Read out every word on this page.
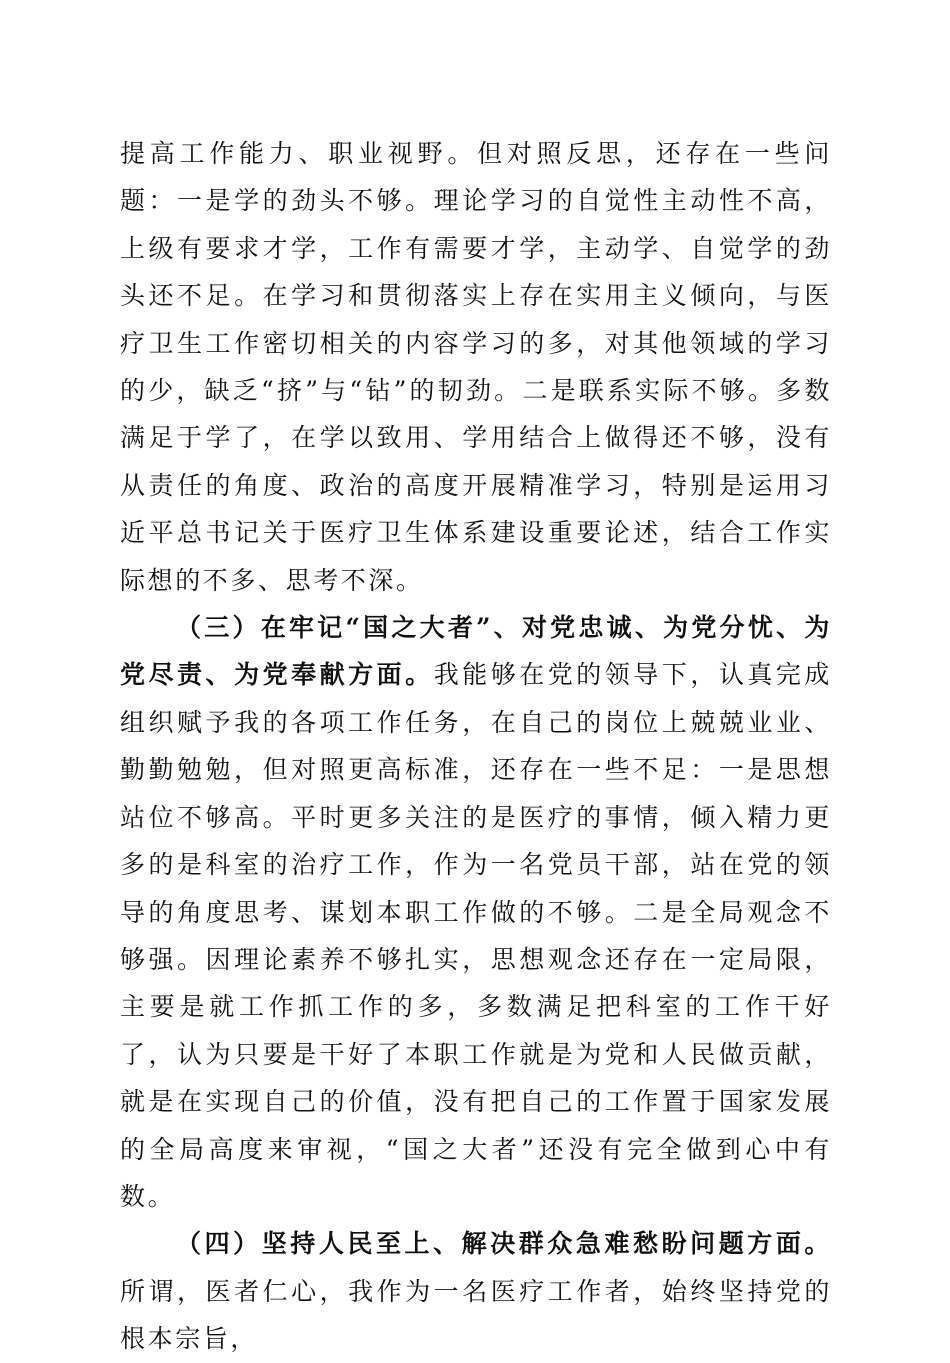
提高工作能力、职业视野。但对照反思，还存在一些问题：一是学的劲头不够。理论学习的自觉性主动性不高，上级有要求才学，工作有需要才学，主动学、自觉学的劲头还不足。在学习和贯彻落实上存在实用主义倾向，与医疗卫生工作密切相关的内容学习的多，对其他领域的学习的少，缺乏“挤”与“钻”的韧劲。二是联系实际不够。多数满足于学了，在学以致用、学用结合上做得还不够，没有从责任的角度、政治的高度开展精准学习，特别是运用习近平总书记关于医疗卫生体系建设重要论述，结合工作实际想的不多、思考不深。

（三）在牢记“国之大者”、对党忠诚、为党分忧、为党尽责、为党奉献方面。我能够在党的领导下，认真完成组织赋予我的各项工作任务，在自己的岗位上兢兢业业、勤勤勉勉，但对照更高标准，还存在一些不足：一是思想站位不够高。平时更多关注的是医疗的事情，倾入精力更多的是科室的治疗工作，作为一名党员干部，站在党的领导的角度思考、谋划本职工作做的不够。二是全局观念不够强。因理论素养不够扎实，思想观念还存在一定局限，主要是就工作抓工作的多，多数满足把科室的工作干好了，认为只要是干好了本职工作就是为党和人民做贡献，就是在实现自己的价值，没有把自己的工作置于国家发展的全局高度来审视，“国之大者”还没有完全做到心中有数。

（四）坚持人民至上、解决群众急难愁盼问题方面。所谓，医者仁心，我作为一名医疗工作者，始终坚持党的根本宗旨，
